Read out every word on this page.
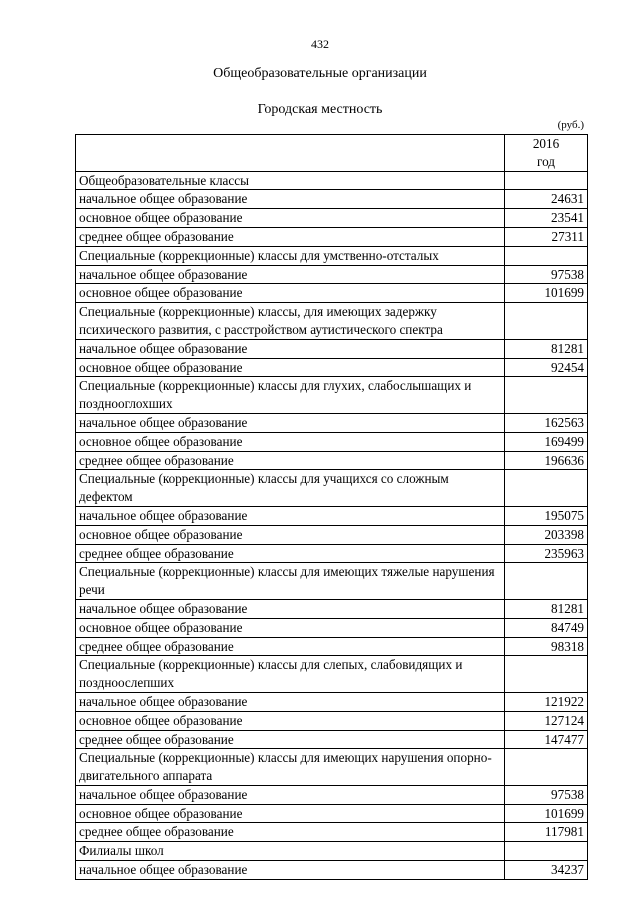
432
Общеобразовательные организации
Городская местность
(руб.)

	2016
год

Общеобразовательные классы	
начальное общее образование	24631
основное общее образование	23541
среднее общее образование	27311
Специальные (коррекционные) классы для умственно-отсталых	
начальное общее образование	97538
основное общее образование	101699
Специальные (коррекционные) классы, для имеющих задержку психического развития, с расстройством аутистического спектра	
начальное общее образование	81281
основное общее образование	92454
Специальные (коррекционные) классы для глухих, слабослышащих и позднооглохших	
начальное общее образование	162563
основное общее образование	169499
среднее общее образование	196636
Специальные (коррекционные) классы для учащихся со сложным дефектом	
начальное общее образование	195075
основное общее образование	203398
среднее общее образование	235963
Специальные (коррекционные) классы для имеющих тяжелые нарушения речи	
начальное общее образование	81281
основное общее образование	84749
среднее общее образование	98318
Специальные (коррекционные) классы для слепых, слабовидящих и поздноослепших	
начальное общее образование	121922
основное общее образование	127124
среднее общее образование	147477
Специальные (коррекционные) классы для имеющих нарушения опорно-двигательного аппарата	
начальное общее образование	97538
основное общее образование	101699
среднее общее образование	117981
Филиалы школ	
начальное общее образование	34237
